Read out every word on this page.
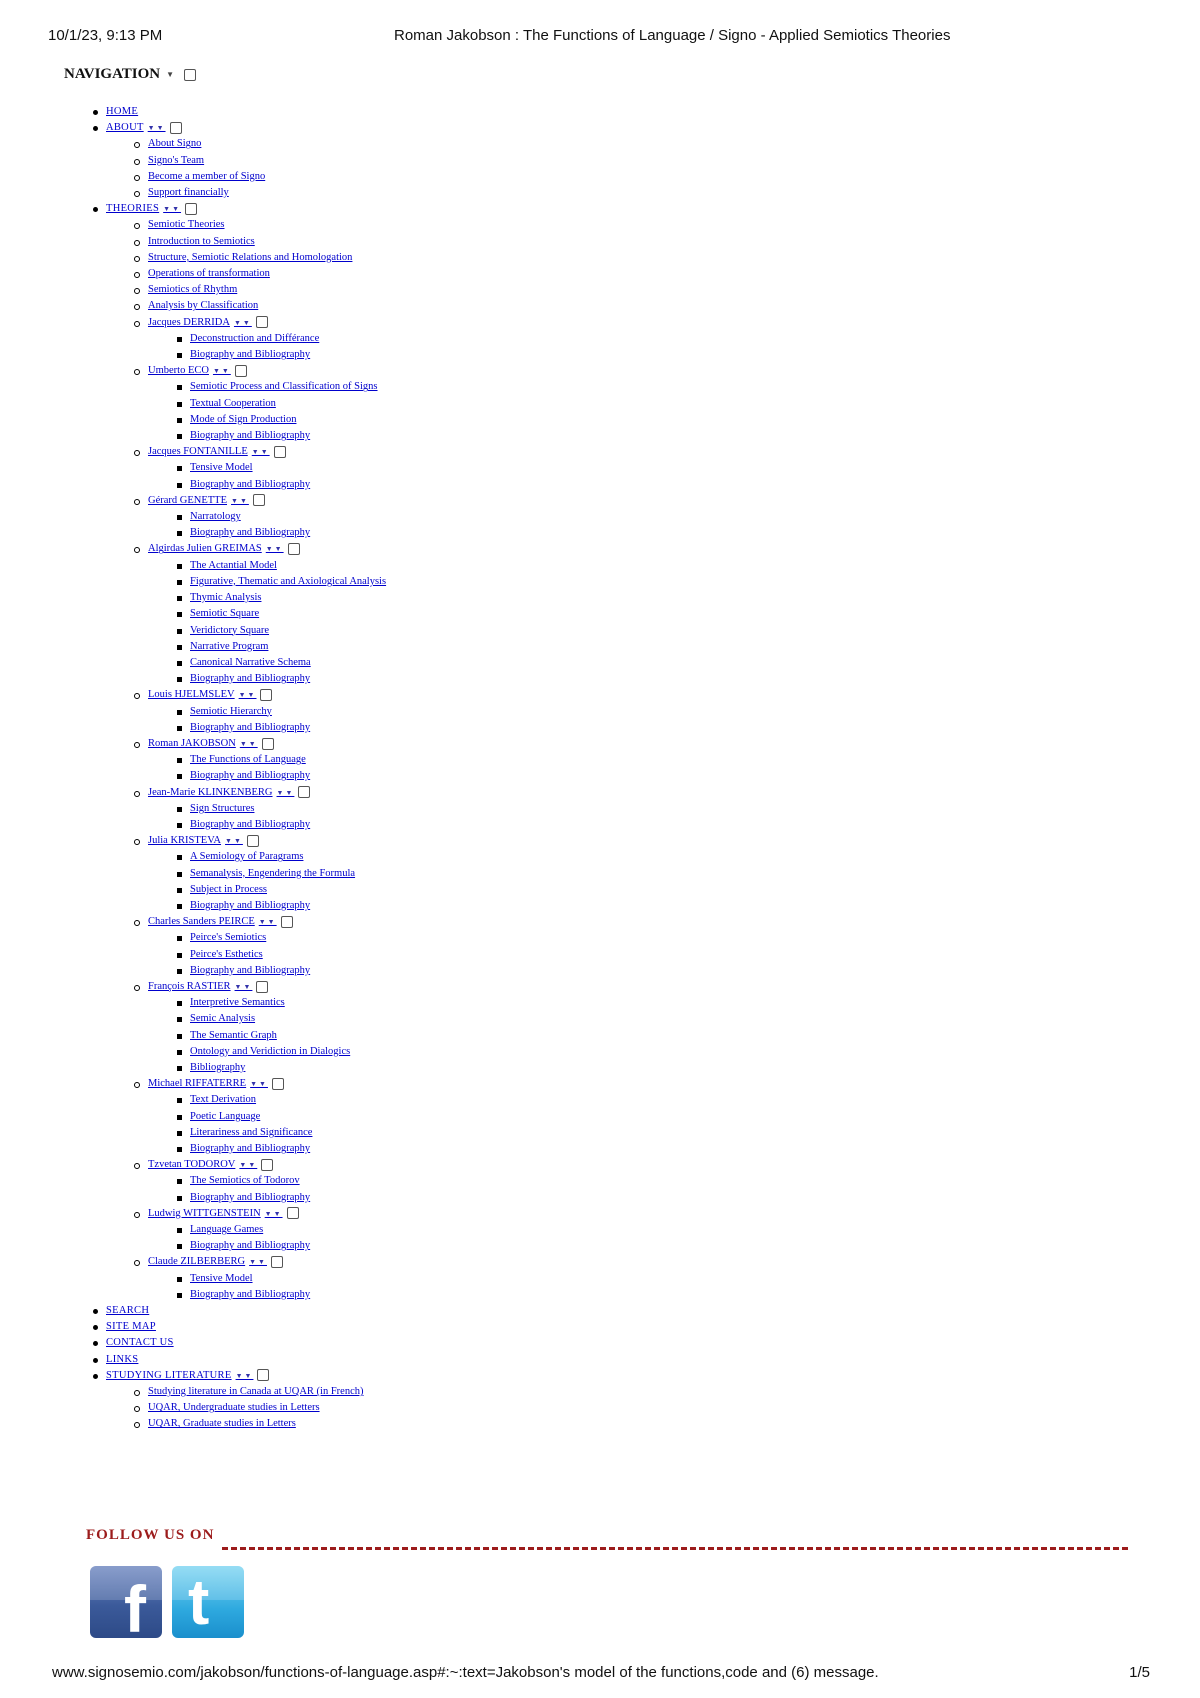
10/1/23, 9:13 PM	Roman Jakobson : The Functions of Language / Signo - Applied Semiotics Theories
NAVIGATION ▼
HOME
ABOUT ▼▼
About Signo
Signo's Team
Become a member of Signo
Support financially
THEORIES ▼▼
Semiotic Theories
Introduction to Semiotics
Structure, Semiotic Relations and Homologation
Operations of transformation
Semiotics of Rhythm
Analysis by Classification
Jacques DERRIDA ▼▼
Deconstruction and Différance
Biography and Bibliography
Umberto ECO ▼▼
Semiotic Process and Classification of Signs
Textual Cooperation
Mode of Sign Production
Biography and Bibliography
Jacques FONTANILLE ▼▼
Tensive Model
Biography and Bibliography
Gérard GENETTE ▼▼
Narratology
Biography and Bibliography
Algirdas Julien GREIMAS ▼▼
The Actantial Model
Figurative, Thematic and Axiological Analysis
Thymic Analysis
Semiotic Square
Veridictory Square
Narrative Program
Canonical Narrative Schema
Biography and Bibliography
Louis HJELMSLEV ▼▼
Semiotic Hierarchy
Biography and Bibliography
Roman JAKOBSON ▼▼
The Functions of Language
Biography and Bibliography
Jean-Marie KLINKENBERG ▼▼
Sign Structures
Biography and Bibliography
Julia KRISTEVA ▼▼
A Semiology of Paragrams
Semanalysis, Engendering the Formula
Subject in Process
Biography and Bibliography
Charles Sanders PEIRCE ▼▼
Peirce's Semiotics
Peirce's Esthetics
Biography and Bibliography
François RASTIER ▼▼
Interpretive Semantics
Semic Analysis
The Semantic Graph
Ontology and Veridiction in Dialogics
Bibliography
Michael RIFFATERRE ▼▼
Text Derivation
Poetic Language
Literariness and Significance
Biography and Bibliography
Tzvetan TODOROV ▼▼
The Semiotics of Todorov
Biography and Bibliography
Ludwig WITTGENSTEIN ▼▼
Language Games
Biography and Bibliography
Claude ZILBERBERG ▼▼
Tensive Model
Biography and Bibliography
SEARCH
SITE MAP
CONTACT US
LINKS
STUDYING LITERATURE ▼▼
Studying literature in Canada at UQAR (in French)
UQAR, Undergraduate studies in Letters
UQAR, Graduate studies in Letters
FOLLOW US ON
f t
www.signosemio.com/jakobson/functions-of-language.asp#:~:text=Jakobson's model of the functions,code and (6) message.	1/5
